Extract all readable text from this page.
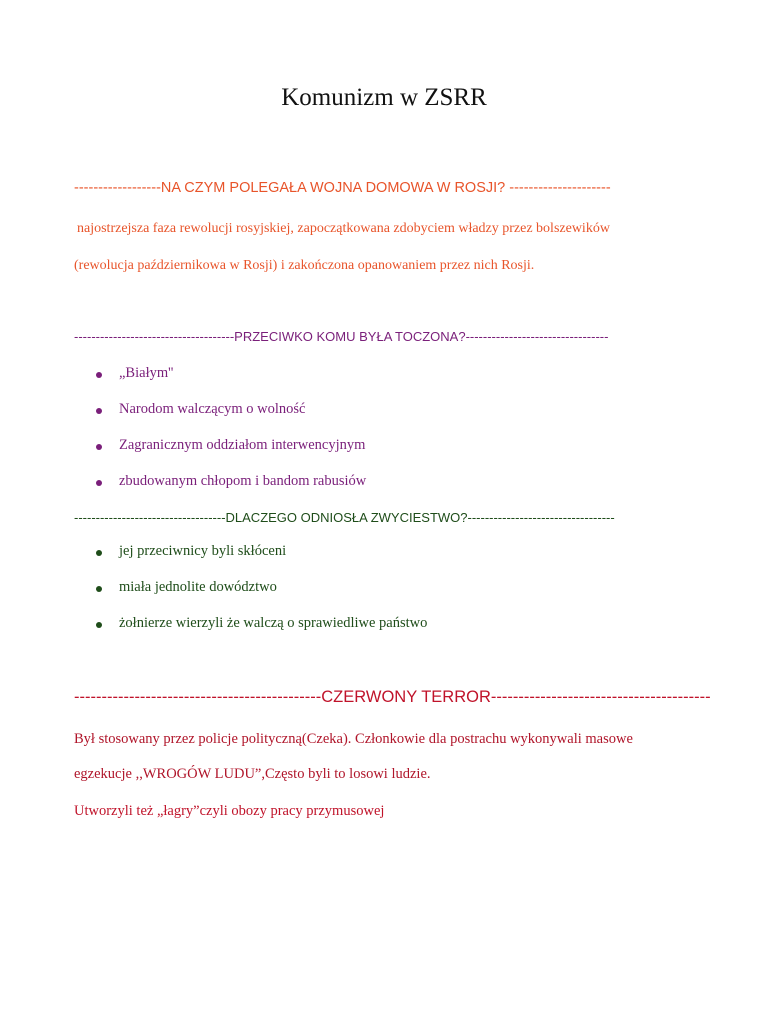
Komunizm w ZSRR
------------------NA CZYM POLEGAŁA WOJNA DOMOWA W ROSJI? ---------------------
najostrzejsza faza rewolucji rosyjskiej, zapoczątkowana zdobyciem władzy przez bolszewików
(rewolucja październikowa w Rosji) i zakończona opanowaniem przez nich Rosji.
-------------------------------------PRZECIWKO KOMU BYŁA TOCZONA?---------------------------------
„Białym''
Narodom walczącym o wolność
Zagranicznym oddziałom interwencyjnym
zbudowanym chłopom i bandom rabusiów
-----------------------------------DLACZEGO ODNIOSŁA ZWYCIESTWO?----------------------------------
jej przeciwnicy byli skłóceni
miała jednolite dowództwo
żołnierze wierzyli że walczą o sprawiedliwe państwo
---------------------------------------------CZERWONY TERROR----------------------------------------
Był stosowany przez policje polityczną(Czeka). Członkowie dla postrachu wykonywali masowe
egzekucje ,,WROGÓW LUDU”,Często byli to losowi ludzie.
Utworzyli też „łagry”czyli obozy pracy przymusowej
